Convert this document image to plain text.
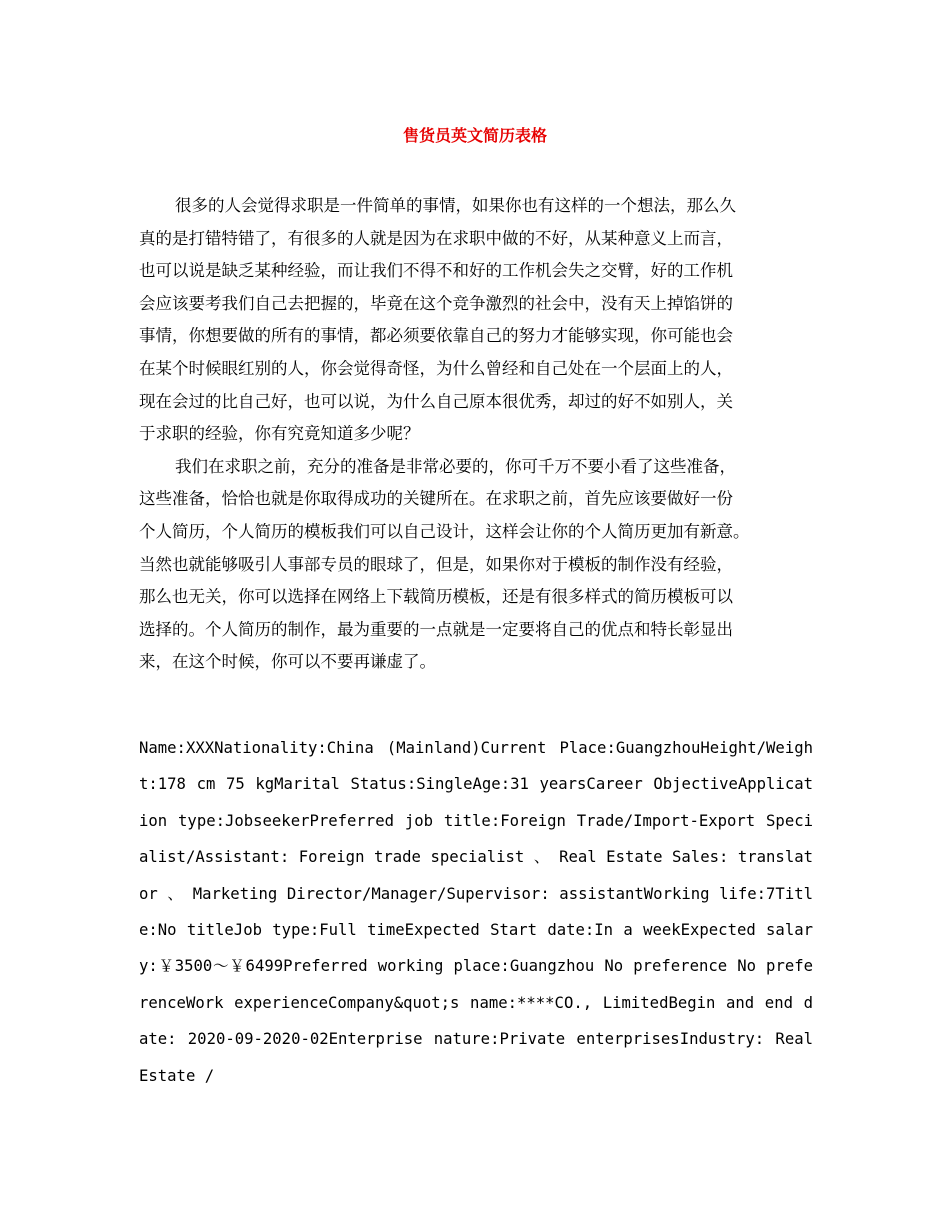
售货员英文简历表格
很多的人会觉得求职是一件简单的事情，如果你也有这样的一个想法，那么久
真的是打错特错了，有很多的人就是因为在求职中做的不好，从某种意义上而言，
也可以说是缺乏某种经验，而让我们不得不和好的工作机会失之交臂，好的工作机
会应该要考我们自己去把握的，毕竟在这个竞争激烈的社会中，没有天上掉馅饼的
事情，你想要做的所有的事情，都必须要依靠自己的努力才能够实现，你可能也会
在某个时候眼红别的人，你会觉得奇怪，为什么曾经和自己处在一个层面上的人，
现在会过的比自己好，也可以说，为什么自己原本很优秀，却过的好不如别人，关
于求职的经验，你有究竟知道多少呢？
我们在求职之前，充分的准备是非常必要的，你可千万不要小看了这些准备，
这些准备，恰恰也就是你取得成功的关键所在。在求职之前，首先应该要做好一份
个人简历，个人简历的模板我们可以自己设计，这样会让你的个人简历更加有新意。
当然也就能够吸引人事部专员的眼球了，但是，如果你对于模板的制作没有经验，
那么也无关，你可以选择在网络上下载简历模板，还是有很多样式的简历模板可以
选择的。个人简历的制作，最为重要的一点就是一定要将自己的优点和特长彰显出
来，在这个时候，你可以不要再谦虚了。
Name:XXXNationality:China (Mainland)Current Place:GuangzhouHeight/Weight:178 cm 75 kgMarital Status:SingleAge:31 yearsCareer ObjectiveApplication type:JobseekerPreferred job title:Foreign Trade/Import-Export Specialist/Assistant: Foreign trade specialist 、 Real Estate Sales: translator 、 Marketing Director/Manager/Supervisor: assistantWorking life:7Title:No titleJob type:Full timeExpected Start date:In a weekExpected salary:￥3500～￥6499Preferred working place:Guangzhou No preference No preferenceWork experienceCompany&quot;s name:****CO., LimitedBegin and end date: 2020-09-2020-02Enterprise nature:Private enterprisesIndustry: Real Estate /
